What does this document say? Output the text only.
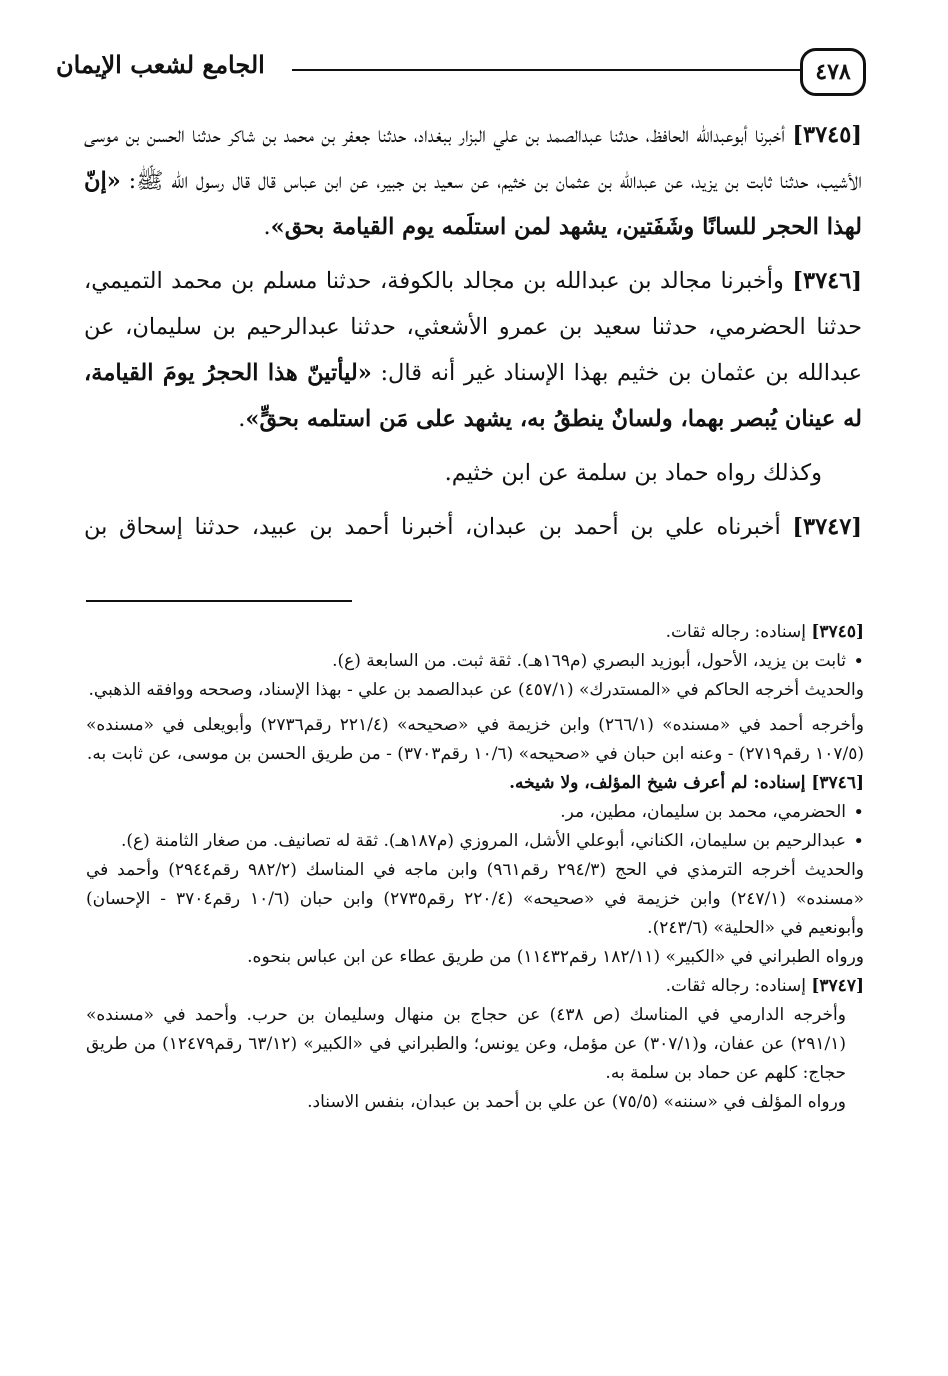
٤٧٨
الجامع لشعب الإيمان

[٣٧٤٥] أخبرنا أبوعبدالله الحافظ، حدثنا عبدالصمد بن علي البزار ببغداد، حدثنا جعفر بن محمد بن شاكر حدثنا الحسن بن موسى الأشيب، حدثنا ثابت بن يزيد، عن عبدالله بن عثمان بن خثيم، عن سعيد بن جبير، عن ابن عباس قال قال رسول الله ﷺ: «إنّ لهذا الحجر للسانًا وشَفَتين، يشهد لمن استلَمه يوم القيامة بحق».

[٣٧٤٦] وأخبرنا مجالد بن عبدالله بن مجالد بالكوفة، حدثنا مسلم بن محمد التميمي، حدثنا الحضرمي، حدثنا سعيد بن عمرو الأشعثي، حدثنا عبدالرحيم بن سليمان، عن عبدالله بن عثمان بن خثيم بهذا الإسناد غير أنه قال: «ليأتينّ هذا الحجرُ يومَ القيامة، له عينان يُبصر بهما، ولسانٌ ينطقُ به، يشهد على مَن استلمه بحقٍّ».

وكذلك رواه حماد بن سلمة عن ابن خثيم.

[٣٧٤٧] أخبرناه علي بن أحمد بن عبدان، أخبرنا أحمد بن عبيد، حدثنا إسحاق بن

[٣٧٤٥] إسناده: رجاله ثقات.

• ثابت بن يزيد، الأحول، أبوزيد البصري (م١٦٩هـ). ثقة ثبت. من السابعة (ع).

والحديث أخرجه الحاكم في «المستدرك» (٤٥٧/١) عن عبدالصمد بن علي - بهذا الإسناد، وصححه ووافقه الذهبي.

وأخرجه أحمد في «مسنده» (٢٦٦/١) وابن خزيمة في «صحيحه» (٢٢١/٤ رقم٢٧٣٦) وأبويعلى في «مسنده» (١٠٧/٥ رقم٢٧١٩) - وعنه ابن حبان في «صحيحه» (١٠/٦ رقم٣٧٠٣) - من طريق الحسن بن موسى، عن ثابت به.

[٣٧٤٦] إسناده: لم أعرف شيخ المؤلف، ولا شيخه.

• الحضرمي، محمد بن سليمان، مطين، مر.

• عبدالرحيم بن سليمان، الكناني، أبوعلي الأشل، المروزي (م١٨٧هـ). ثقة له تصانيف. من صغار الثامنة (ع).

والحديث أخرجه الترمذي في الحج (٢٩٤/٣ رقم٩٦١) وابن ماجه في المناسك (٩٨٢/٢ رقم٢٩٤٤) وأحمد في «مسنده» (٢٤٧/١) وابن خزيمة في «صحيحه» (٢٢٠/٤ رقم٢٧٣٥) وابن حبان (١٠/٦ رقم٣٧٠٤ - الإحسان) وأبونعيم في «الحلية» (٢٤٣/٦).

ورواه الطبراني في «الكبير» (١٨٢/١١ رقم١١٤٣٢) من طريق عطاء عن ابن عباس بنحوه.

[٣٧٤٧] إسناده: رجاله ثقات.

وأخرجه الدارمي في المناسك (ص ٤٣٨) عن حجاج بن منهال وسليمان بن حرب. وأحمد في «مسنده» (٢٩١/١) عن عفان، و(٣٠٧/١) عن مؤمل، وعن يونس؛ والطبراني في «الكبير» (٦٣/١٢ رقم١٢٤٧٩) من طريق حجاج: كلهم عن حماد بن سلمة به.

ورواه المؤلف في «سننه» (٧٥/٥) عن علي بن أحمد بن عبدان، بنفس الاسناد.
